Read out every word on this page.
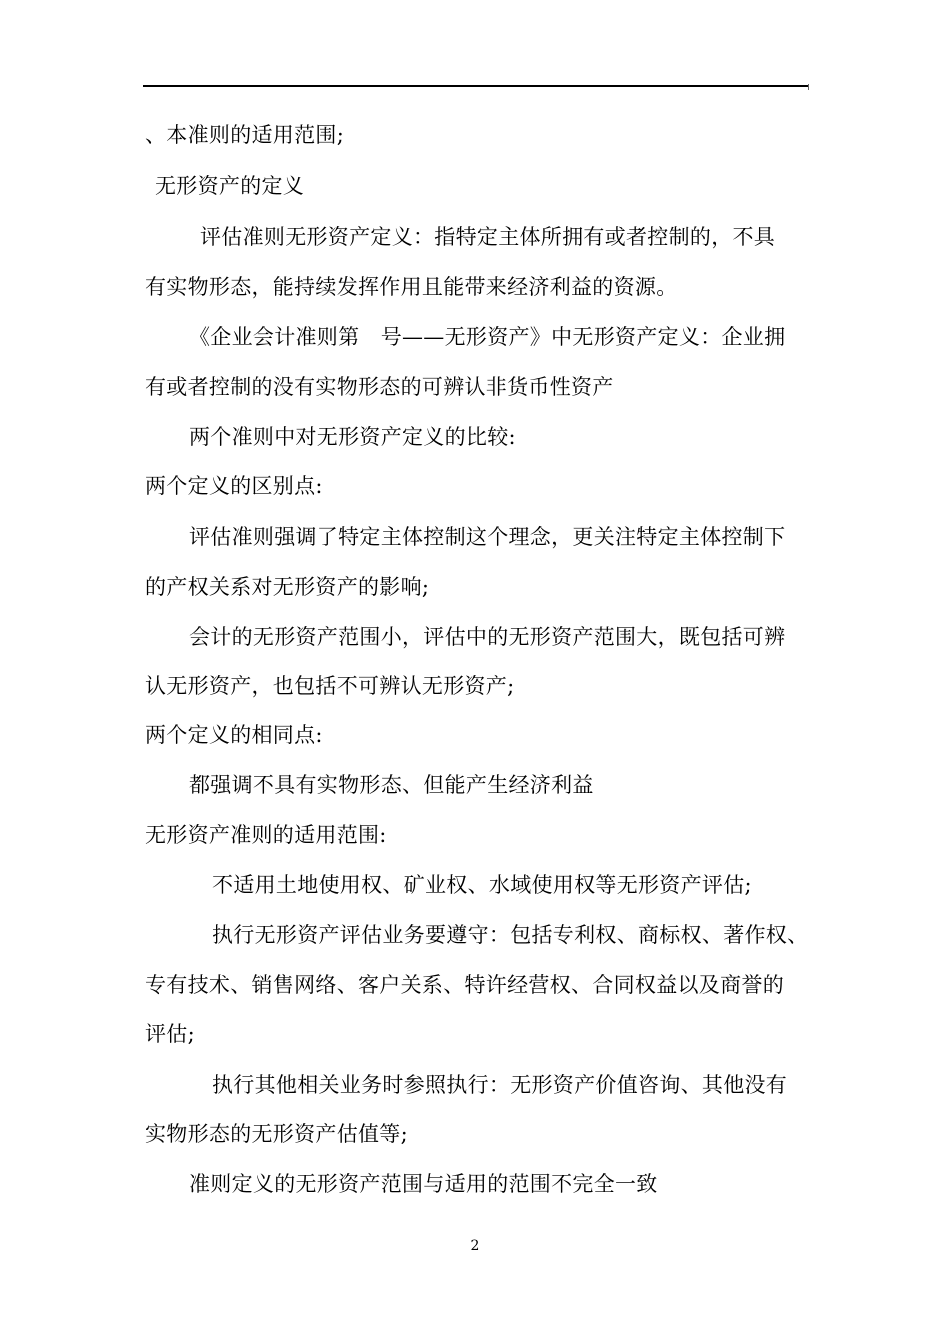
、本准则的适用范围;
无形资产的定义
评估准则无形资产定义：指特定主体所拥有或者控制的，不具
有实物形态，能持续发挥作用且能带来经济利益的资源。
《企业会计准则第　号——无形资产》中无形资产定义：企业拥
有或者控制的没有实物形态的可辨认非货币性资产
两个准则中对无形资产定义的比较:
两个定义的区别点:
评估准则强调了特定主体控制这个理念，更关注特定主体控制下
的产权关系对无形资产的影响;
会计的无形资产范围小，评估中的无形资产范围大，既包括可辨
认无形资产，也包括不可辨认无形资产;
两个定义的相同点:
都强调不具有实物形态、但能产生经济利益
无形资产准则的适用范围:
不适用土地使用权、矿业权、水域使用权等无形资产评估;
执行无形资产评估业务要遵守：包括专利权、商标权、著作权、
专有技术、销售网络、客户关系、特许经营权、合同权益以及商誉的
评估;
执行其他相关业务时参照执行：无形资产价值咨询、其他没有
实物形态的无形资产估值等;
准则定义的无形资产范围与适用的范围不完全一致
2
